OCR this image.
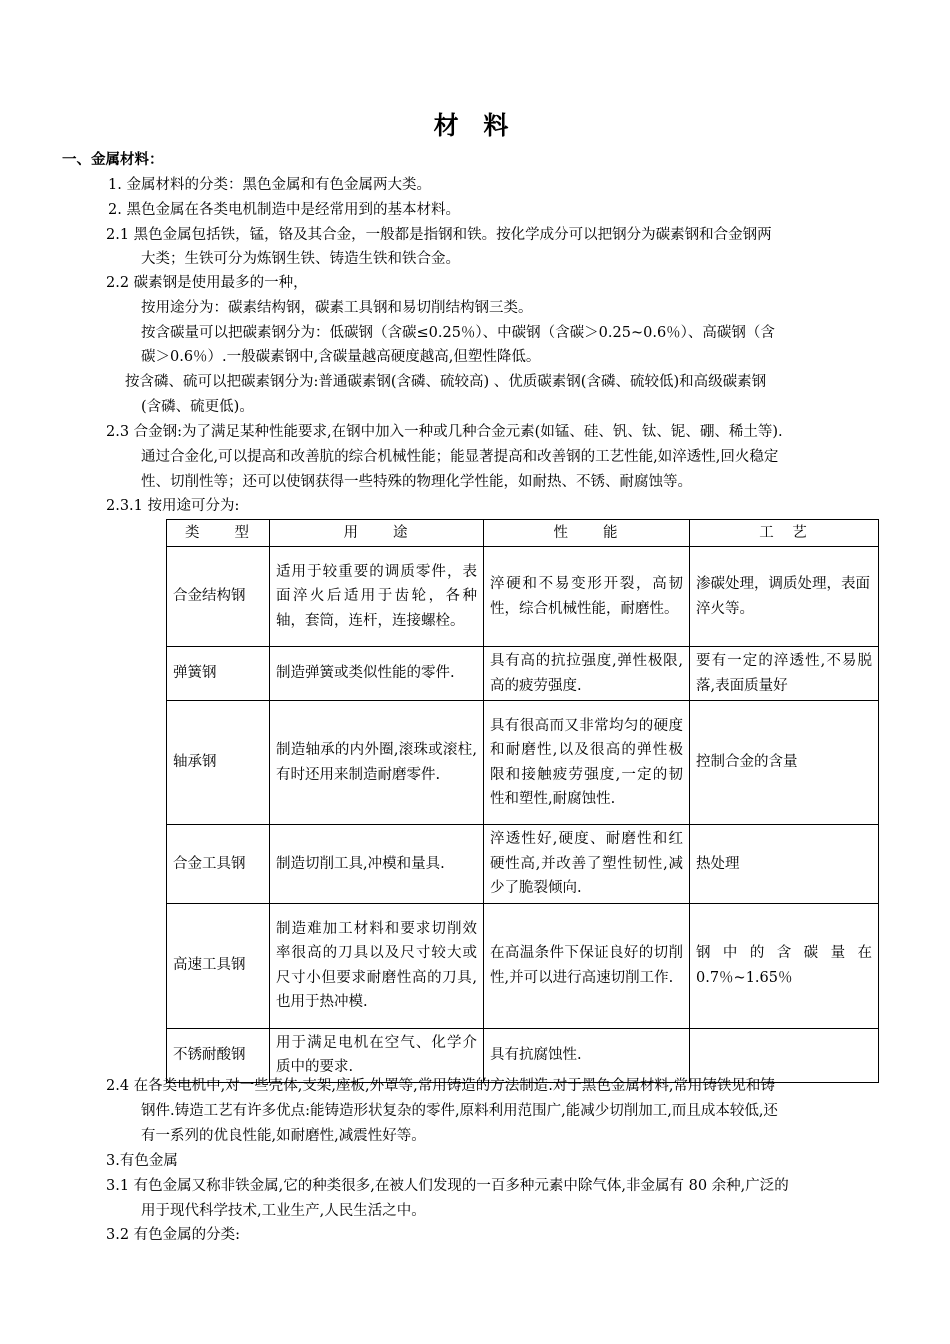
材 料
一、金属材料：
1. 金属材料的分类：黑色金属和有色金属两大类。
2. 黑色金属在各类电机制造中是经常用到的基本材料。
2.1 黑色金属包括铁，锰，铬及其合金，一般都是指钢和铁。按化学成分可以把钢分为碳素钢和合金钢两
大类；生铁可分为炼钢生铁、铸造生铁和铁合金。
2.2 碳素钢是使用最多的一种，
按用途分为：碳素结构钢，碳素工具钢和易切削结构钢三类。
按含碳量可以把碳素钢分为：低碳钢（含碳≤0.25％）、中碳钢（含碳＞0.25~0.6％）、高碳钢（含
碳＞0.6％）.一般碳素钢中,含碳量越高硬度越高,但塑性降低。
按含磷、硫可以把碳素钢分为:普通碳素钢(含磷、硫较高) 、优质碳素钢(含磷、硫较低)和高级碳素钢
(含磷、硫更低)。
2.3 合金钢:为了满足某种性能要求,在钢中加入一种或几种合金元素(如锰、硅、钒、钛、铌、硼、稀土等).
通过合金化,可以提高和改善肮的综合机械性能；能显著提高和改善钢的工艺性能,如淬透性,回火稳定
性、切削性等；还可以使钢获得一些特殊的物理化学性能，如耐热、不锈、耐腐蚀等。
2.3.1 按用途可分为:
类　　型	用　　途	性　　能	工　艺
合金结构钢	适用于较重要的调质零件，表面淬火后适用于齿轮，各种轴，套筒，连杆，连接螺栓。	淬硬和不易变形开裂，高韧性，综合机械性能，耐磨性。	渗碳处理，调质处理，表面淬火等。
弹簧钢	制造弹簧或类似性能的零件.	具有高的抗拉强度,弹性极限,高的疲劳强度.	要有一定的淬透性,不易脱落,表面质量好
轴承钢	制造轴承的内外圈,滚珠或滚柱,有时还用来制造耐磨零件.	具有很高而又非常均匀的硬度和耐磨性,以及很高的弹性极限和接触疲劳强度,一定的韧性和塑性,耐腐蚀性.	控制合金的含量
合金工具钢	制造切削工具,冲模和量具.	淬透性好,硬度、耐磨性和红硬性高,并改善了塑性韧性,减少了脆裂倾向.	热处理
高速工具钢	制造难加工材料和要求切削效率很高的刀具以及尺寸较大或尺寸小但要求耐磨性高的刀具,也用于热冲模.	在高温条件下保证良好的切削性,并可以进行高速切削工作.	钢中的含碳量在0.7％~1.65％
不锈耐酸钢	用于满足电机在空气、化学介质中的要求.	具有抗腐蚀性.	
2.4 在各类电机中,对一些壳体,支架,座板,外罩等,常用铸造的方法制造.对于黑色金属材料,常用铸铁见和铸
钢件.铸造工艺有许多优点:能铸造形状复杂的零件,原料利用范围广,能减少切削加工,而且成本较低,还
有一系列的优良性能,如耐磨性,减震性好等。
3.有色金属
3.1 有色金属又称非铁金属,它的种类很多,在被人们发现的一百多种元素中除气体,非金属有 80 余种,广泛的
用于现代科学技术,工业生产,人民生活之中。
3.2 有色金属的分类:
